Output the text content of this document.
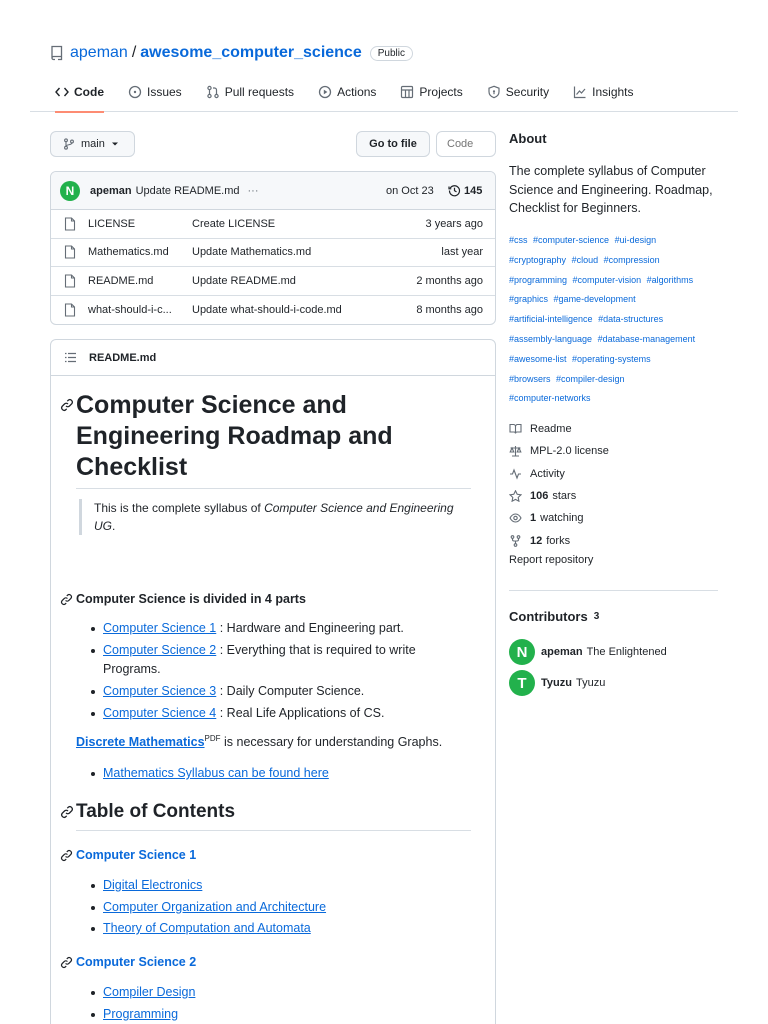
apeman / awesome_computer_science	Public
Code	Issues	Pull requests	Actions	Projects	Security	Insights
main	Go to file
Code
N	apeman Update README.md ···	on Oct 23	145
LICENSE	Create LICENSE	3 years ago
Mathematics.md	Update Mathematics.md	last year
README.md	Update README.md	2 months ago
what-should-i-c...	Update what-should-i-code.md	8 months ago
README.md
Computer Science and Engineering Roadmap and Checklist
This is the complete syllabus of Computer Science and Engineering UG.
Computer Science is divided in 4 parts
Computer Science 1 : Hardware and Engineering part.
Computer Science 2 : Everything that is required to write Programs.
Computer Science 3 : Daily Computer Science.
Computer Science 4 : Real Life Applications of CS.
Discrete Mathematics$^{PDF}$ is necessary for understanding Graphs.
Mathematics Syllabus can be found here
Table of Contents
Computer Science 1
Digital Electronics
Computer Organization and Architecture
Theory of Computation and Automata
Computer Science 2
Compiler Design
Programming
About
The complete syllabus of Computer Science and Engineering. Roadmap, Checklist for Beginners.
#css #computer-science #ui-design
#cryptography #cloud #compression
#programming #computer-vision #algorithms
#graphics #game-development
#artificial-intelligence #data-structures
#assembly-language #database-management
#awesome-list #operating-systems
#browsers #compiler-design
#computer-networks
Readme
MPL-2.0 license
Activity
106 stars
1 watching
12 forks
Report repository
Contributors 3
N	apeman The Enlightened
T	Tyuzu Tyuzu
